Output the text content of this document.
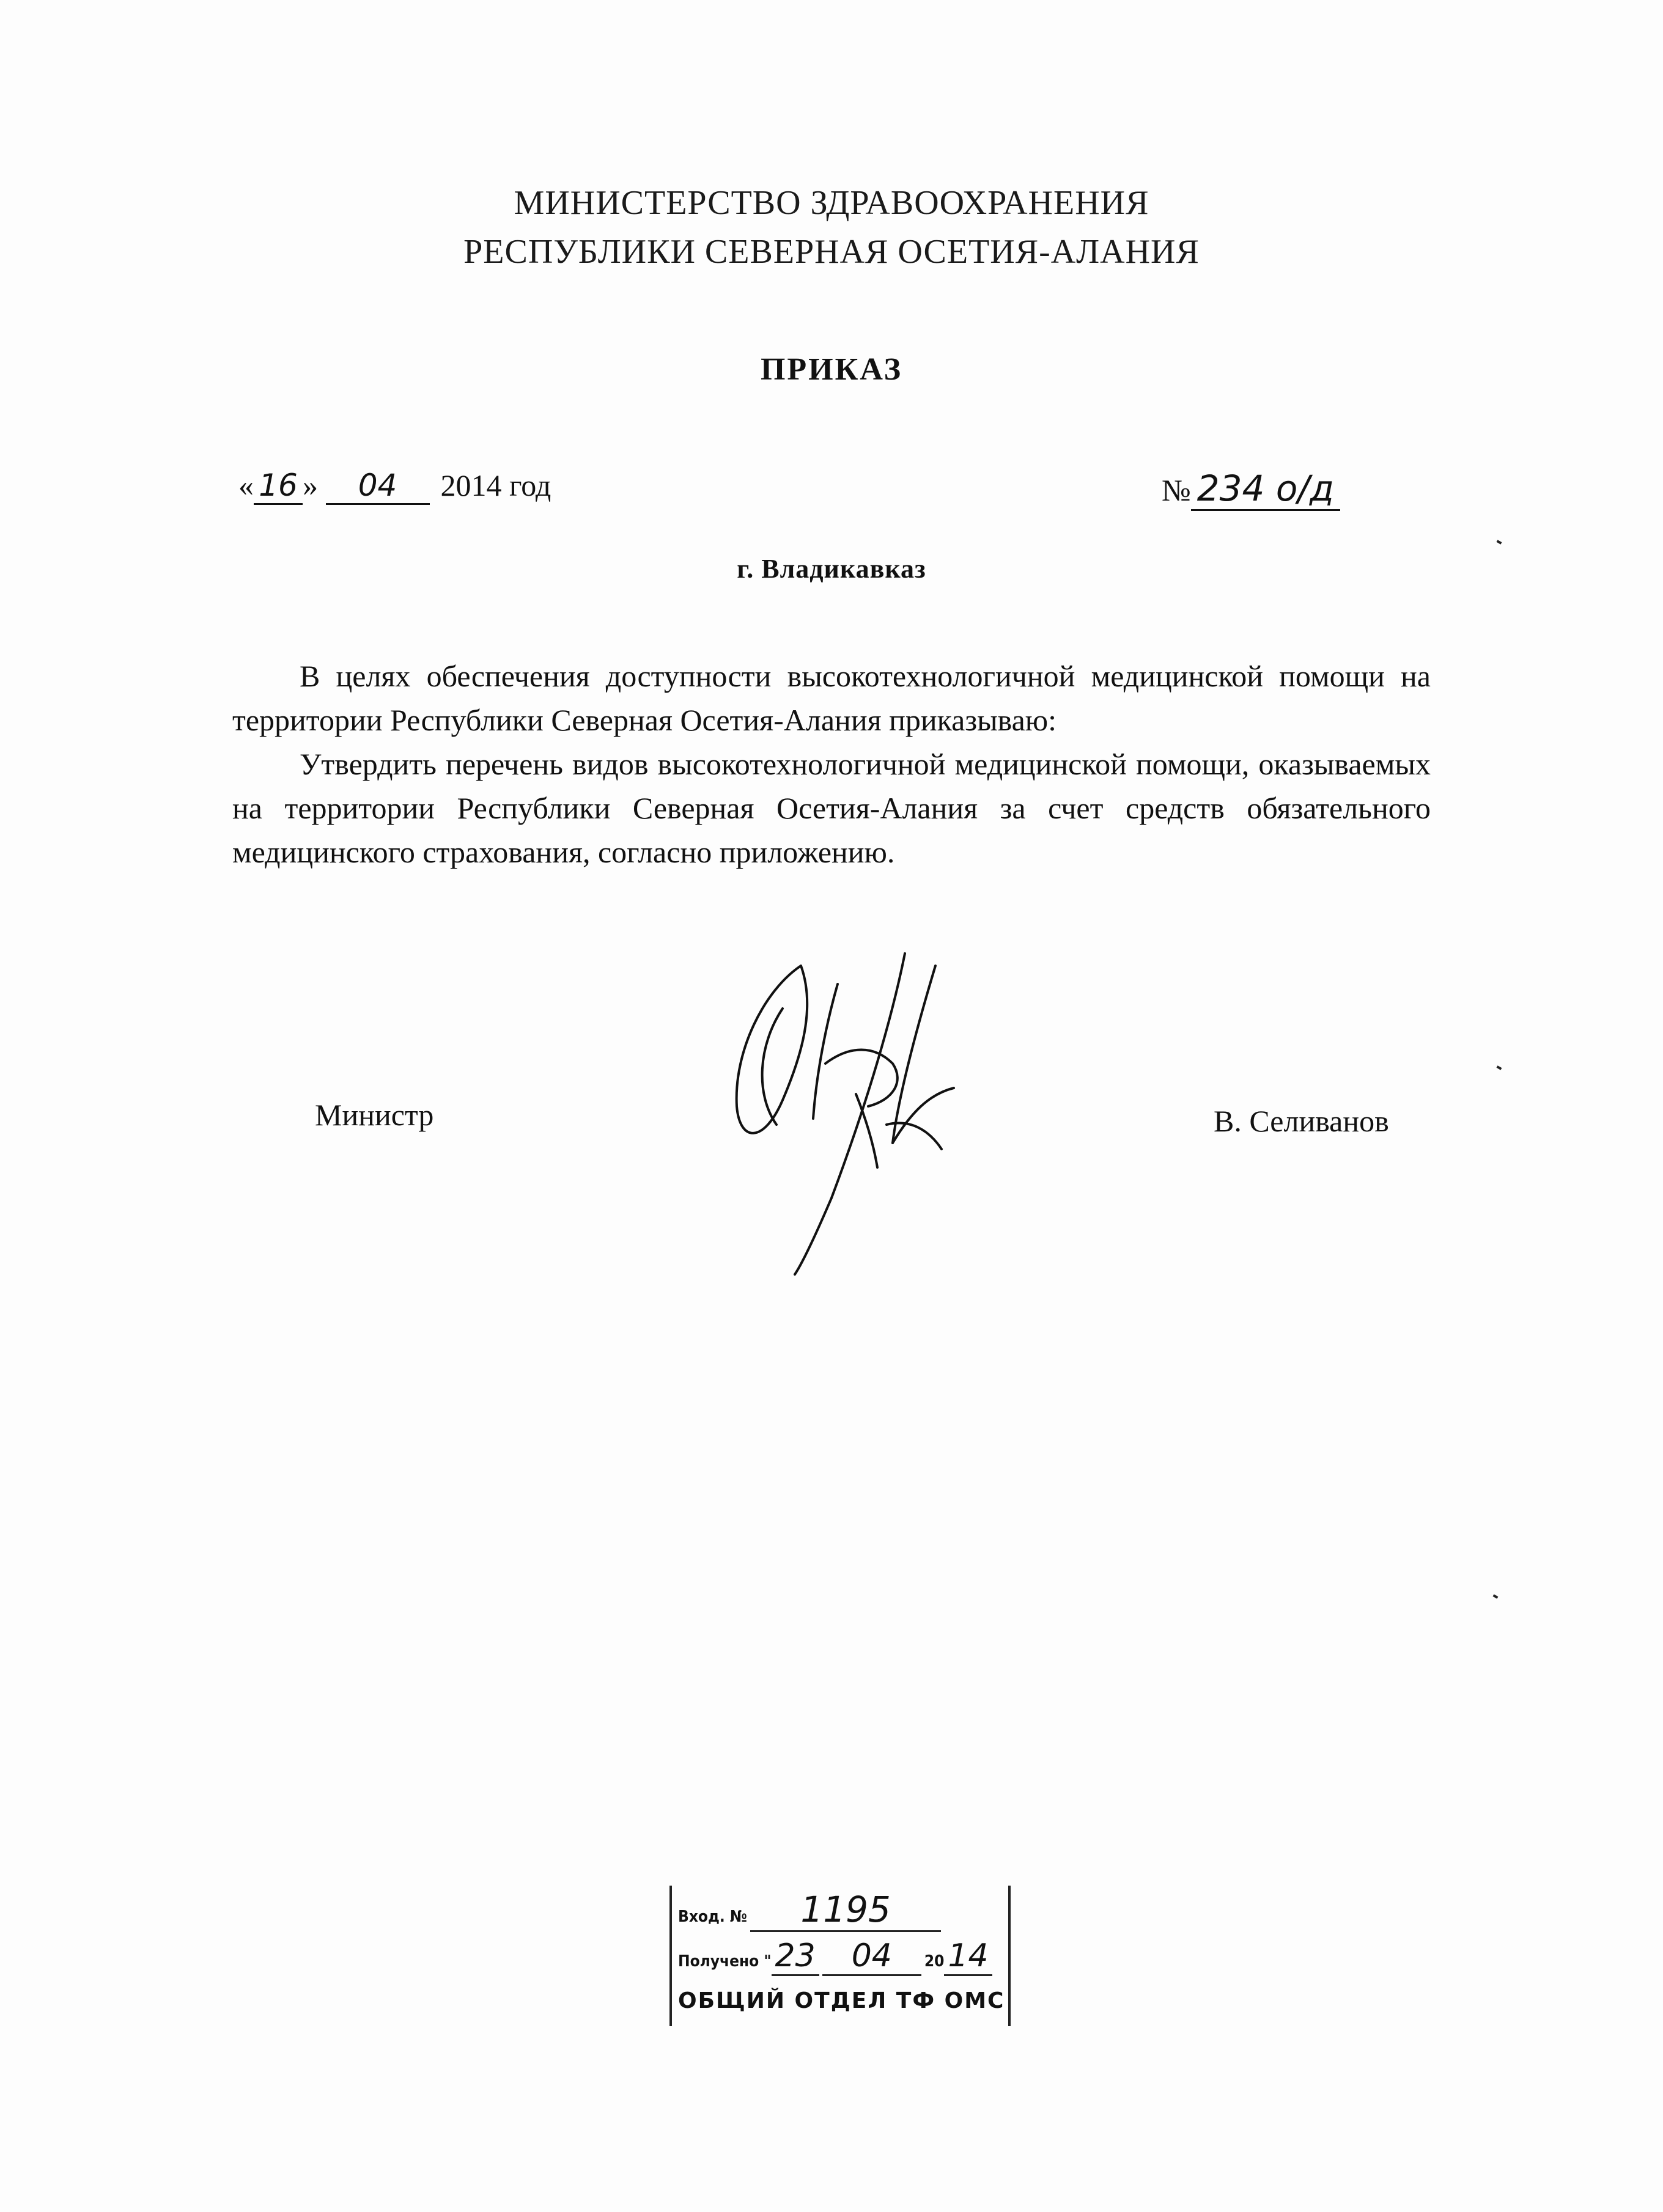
МИНИСТЕРСТВО ЗДРАВООХРАНЕНИЯ
РЕСПУБЛИКИ СЕВЕРНАЯ ОСЕТИЯ-АЛАНИЯ
ПРИКАЗ
« 16 » 04 2014 год	№ 234 о/д
г. Владикавказ

В целях обеспечения доступности высокотехнологичной медицинской помощи на территории Республики Северная Осетия-Алания приказываю:

Утвердить перечень видов высокотехнологичной медицинской помощи, оказываемых на территории Республики Северная Осетия-Алания за счет средств обязательного медицинского страхования, согласно приложению.

Министр	В. Селиванов
Вход. № 1195
Получено " 23 04 20 14
ОБЩИЙ ОТДЕЛ ТФ ОМС
